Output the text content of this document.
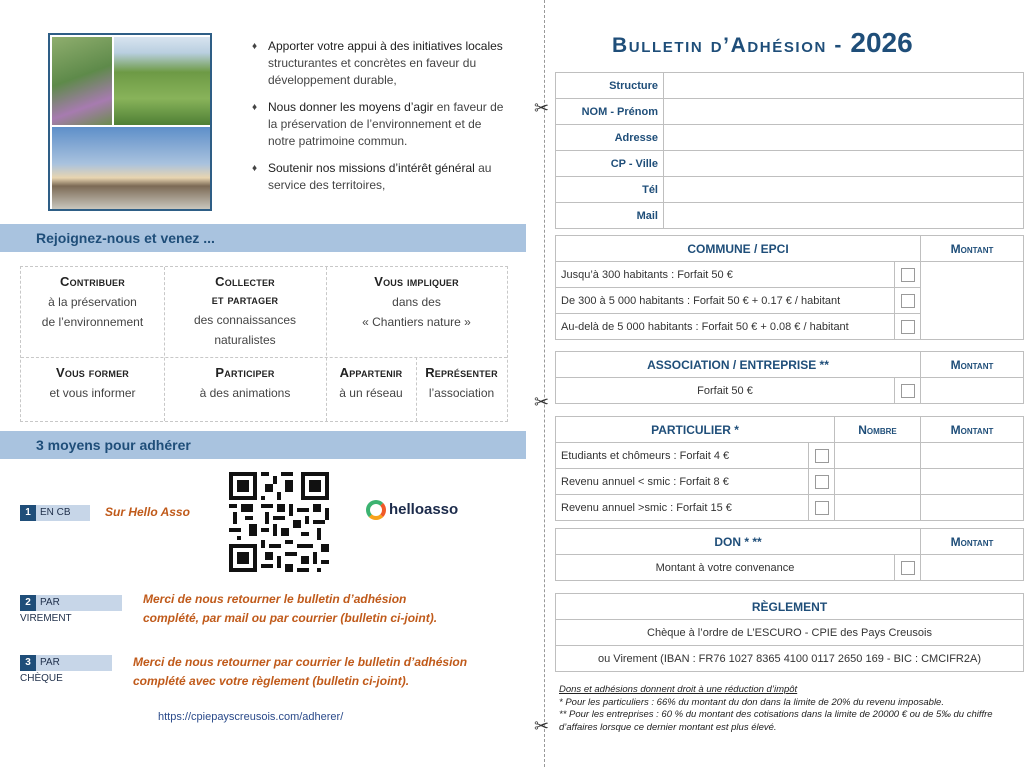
♦ Apporter votre appui à des initiatives locales structurantes et concrètes en faveur du développement durable,
♦ Nous donner les moyens d’agir en faveur de la préservation de l’environnement et de notre patrimoine commun.
♦ Soutenir nos missions d’intérêt général au service des territoires,
Rejoignez-nous et venez ...
Contribuer
à la préservation
de l’environnement
Collecter
et partager
des connaissances
naturalistes
Vous impliquer
dans des
« Chantiers nature »
Vous former
et vous informer
Participer
à des animations
Appartenir
à un réseau
Représenter
l’association
3 moyens pour adhérer
1 EN CB	Sur Hello Asso	helloasso
2 PAR VIREMENT
Merci de nous retourner le bulletin d’adhésion
complété, par mail ou par courrier (bulletin ci-joint).
3 PAR CHÈQUE
Merci de nous retourner par courrier le bulletin d’adhésion
complété avec votre règlement (bulletin ci-joint).
https://cpiepayscreusois.com/adherer/
✂
✂
✂
Bulletin d’Adhésion - 2026
Structure	
NOM - Prénom	
Adresse	
CP - Ville	
Tél	
Mail	
COMMUNE / EPCI		Montant
Jusqu’à 300 habitants : Forfait 50 €		
De 300 à 5 000 habitants : Forfait 50 € + 0.17 € / habitant		
Au-delà de 5 000 habitants : Forfait 50 € + 0.08 € / habitant		
ASSOCIATION / ENTREPRISE **		Montant
Forfait 50 €		
PARTICULIER *		Nombre	Montant
Etudiants et chômeurs : Forfait 4 €			
Revenu annuel < smic : Forfait 8 €			
Revenu annuel >smic : Forfait 15 €			
DON * **		Montant
Montant à votre convenance		
RÈGLEMENT
Chèque à l’ordre de L’ESCURO - CPIE des Pays Creusois
ou Virement (IBAN : FR76 1027 8365 4100 0117 2650 169 - BIC : CMCIFR2A)
Dons et adhésions donnent droit à une réduction d’impôt
* Pour les particuliers : 66% du montant du don dans la limite de 20% du revenu imposable.
** Pour les entreprises : 60 % du montant des cotisations dans la limite de 20000 € ou de 5‰ du chiffre d’affaires lorsque ce dernier montant est plus élevé.
